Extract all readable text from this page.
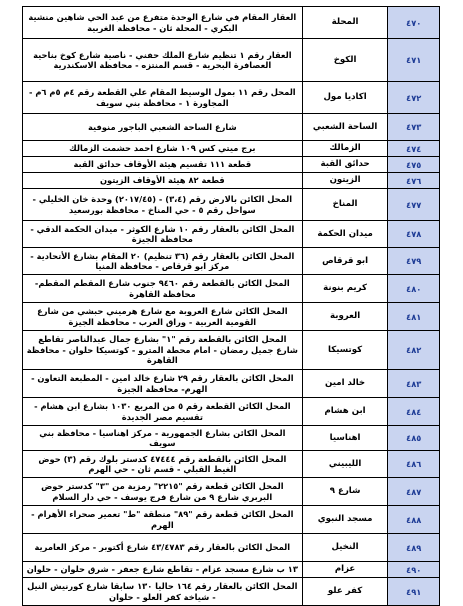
العقار المقام في شارع الوحدة متفرع من عبد الحي شاهين منشية البكري - المحلة ثان - محافظة الغربية	المحلة	٤٧٠
العقار رقم ١ تنظيم شارع الملك حفني - ناصية شارع كوخ بناحية العصافرة البحرية - قسم المنتزه - محافظة الاسكندرية	الكوخ	٤٧١
المحل رقم ١١ بمول الوسيط المقام علي القطعة رقم ٤م ٥م ٦م - المجاورة ١ - محافظة بني سويف	اكاديا مول	٤٧٢
شارع الساحة الشعبي الباجور منوفية	الساحة الشعبي	٤٧٣
برج ميتي كس ١٠٩ شارع احمد حشمت الزمالك	الزمالك	٤٧٤
قطعة ١١١ تقسيم هيئة الأوقاف حدائق القبة	حدائق القبة	٤٧٥
قطعة ٨٢ هيئة الأوقاف الزيتون	الزيتون	٤٧٦
المحل الكائن بالارض رقم (٣،٤) - (٢٠١٧/٤٥) وحدة خان الخليلي - سواحل رقم ٥ - حي المناخ - محافظة بورسعيد	المناخ	٤٧٧
المحل الكائن بالعقار رقم ١٠ شارع الكوثر - ميدان الحكمة الدقي - محافظة الجيزة	ميدان الحكمة	٤٧٨
المحل الكائن بالعقار رقم (٣٦ تنظيم) ٢٠ المقام بشارع الأتحادية - مركز ابو قرقاص - محافظة المنيا	ابو قرقاص	٤٧٩
المحل الكائن بالقطعة رقم ٩٤٦٠ جنوب شارع المقطم المقطم- محافظة القاهرة	كريم بنونة	٤٨٠
المحل الكائن شارع العروبة مع شارع هرميني حبشي من شارع القومية العربية - وراق العرب - محافظة الجيزة	العروبة	٤٨١
المحل الكائن بالقطعة رقم "١" بشارع جمال عبدالناصر تقاطع شارع جميل رمضان - امام محطة المترو - كوتسيكا حلوان - محافظة القاهرة	كوتسيكا	٤٨٢
المحل الكائن بالعقار رقم ٢٩ شارع خالد امين - المطبعة التعاون - الهرم- محافظة الجيزة	خالد امين	٤٨٣
المحل الكائن القطعة رقم ٥ من المربع ١٠٣٠ بشارع ابن هشام - تقسيم مصر الجديدة	ابن هشام	٤٨٤
المحل الكائن بشارع الجمهورية - مركز اهناسيا - محافظة بني سويف	اهناسيا	٤٨٥
المحل الكائن بالقطعة رقم ٤٧٤٤٤ كدستر بلوك رقم (٣) حوض الغيط القبلي - قسم ثان - حي الهرم	الليبيني	٤٨٦
المحل الكائن قطعة رقم "٢٢١٥" رمزية من "٣" كدستر حوض البربري شارع ٩ من شارع فرج يوسف - حي دار السلام	شارع ٩	٤٨٧
المحل الكائن قطعة رقم "٨٩" منطقة "ط" تعمير صحراء الأهرام - الهرم	مسجد النبوي	٤٨٨
المحل الكائن بالعقار رقم ٤٣/٤٧٨٣ شارع أكتوبر - مركز العامرية	النخيل	٤٨٩
١٣ ب شارع مسجد عزام - تقاطع شارع جعفر - شرق حلوان - حلوان	عزام	٤٩٠
المحل الكائن بالعقار رقم ١٦٤ حاليا ١٣٠ سابقا شارع كورنيش النيل - شياخة كفر العلو - حلوان	كفر علو	٤٩١
